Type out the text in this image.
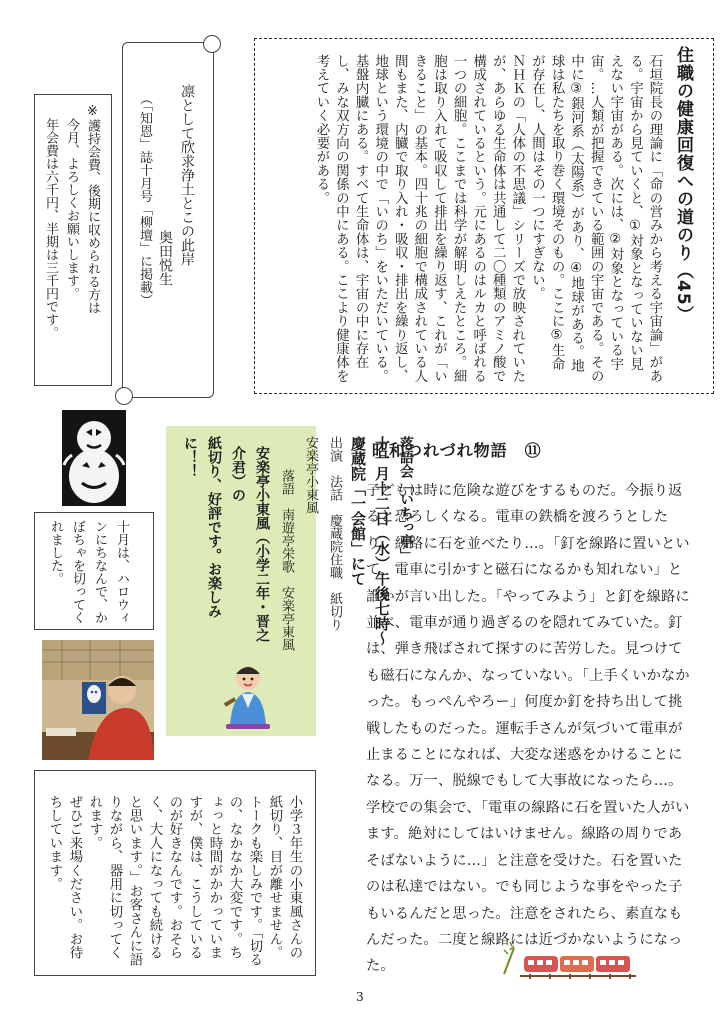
住職の健康回復への道のり（45）

石垣院長の理論に「命の営みから考える宇宙論」がある。宇宙から見ていくと、①対象となっていない見えない宇宙がある。次には、②対象となっている宇宙。…人類が把握できている範囲の宇宙である。その中に③銀河系（太陽系）があり、④地球がある。地球は私たちを取り巻く環境そのもの。ここに⑤生命が存在し、人間はその一つにすぎない。

ＮＨＫの「人体の不思議」シリーズで放映されていたが、あらゆる生命体は共通して二〇種類のアミノ酸で構成されているという。元にあるのはルカと呼ばれる一つの細胞。ここまでは科学が解明しえたところ。細胞は取り入れて吸収して排出を繰り返す、これが「いきること」の基本。四十兆の細胞で構成されている人間もまた、内臓で取り入れ・吸収・排出を繰り返し、地球という環境の中で「いのち」をいただいている。基盤内臓にある。すべて生命体は、宇宙の中に存在し、みな双方向の関係の中にある。ここより健康体を考えていく必要がある。

凛として欣求浄土とこの此岸
奥田悦生
（「知恩」誌十月号「柳壇」に掲載）
※護持会費、後期に収められる方は
今月、よろしくお願いします。
年会費は六千円、半期は三千円です。
十月は、ハロウィンにちなんで、かぼちゃを切ってくれました。	落語会「いちっ亭」
十一月十二日（水）午後七時～慶蔵院「一会館」にて
出演　法話　慶蔵院住職　紙切り　安楽亭小東風
落語　南遊亭栄歌　安楽亭東風
安楽亭小東風（小学二年・晋之介君）の
紙切り、好評です。お楽しみに！！

小学３年生の小東風さんの紙切り、目が離せません。トークも楽しみです。「切るの、なかなか大変です。ちょっと時間がかかっていますが、僕は、こうしているのが好きなんです。おそらく、大人になっても続けると思います。」お客さんに語りながら、器用に切ってくれます。

ぜひご来場ください。お待ちしています。

昭和つれづれ物語　⑪

子どもは時に危険な遊びをするものだ。今振り返ると恐ろしくなる。電車の鉄橋を渡ろうとしたり、線路に石を並べたり…。「釘を線路に置いといて、電車に引かすと磁石になるかも知れない」と誰かが言い出した。「やってみよう」と釘を線路に並べ、電車が通り過ぎるのを隠れてみていた。釘は、弾き飛ばされて探すのに苦労した。見つけても磁石になんか、なっていない。「上手くいかなかった。もっぺんやろー」何度か釘を持ち出して挑戦したものだった。運転手さんが気づいて電車が止まることになれば、大変な迷惑をかけることになる。万一、脱線でもして大事故になったら…。学校での集会で、「電車の線路に石を置いた人がいます。絶対にしてはいけません。線路の周りであそばないように…」と注意を受けた。石を置いたのは私達ではない。でも同じような事をやった子もいるんだと思った。注意をされたら、素直なもんだった。二度と線路には近づかないようになった。

3
